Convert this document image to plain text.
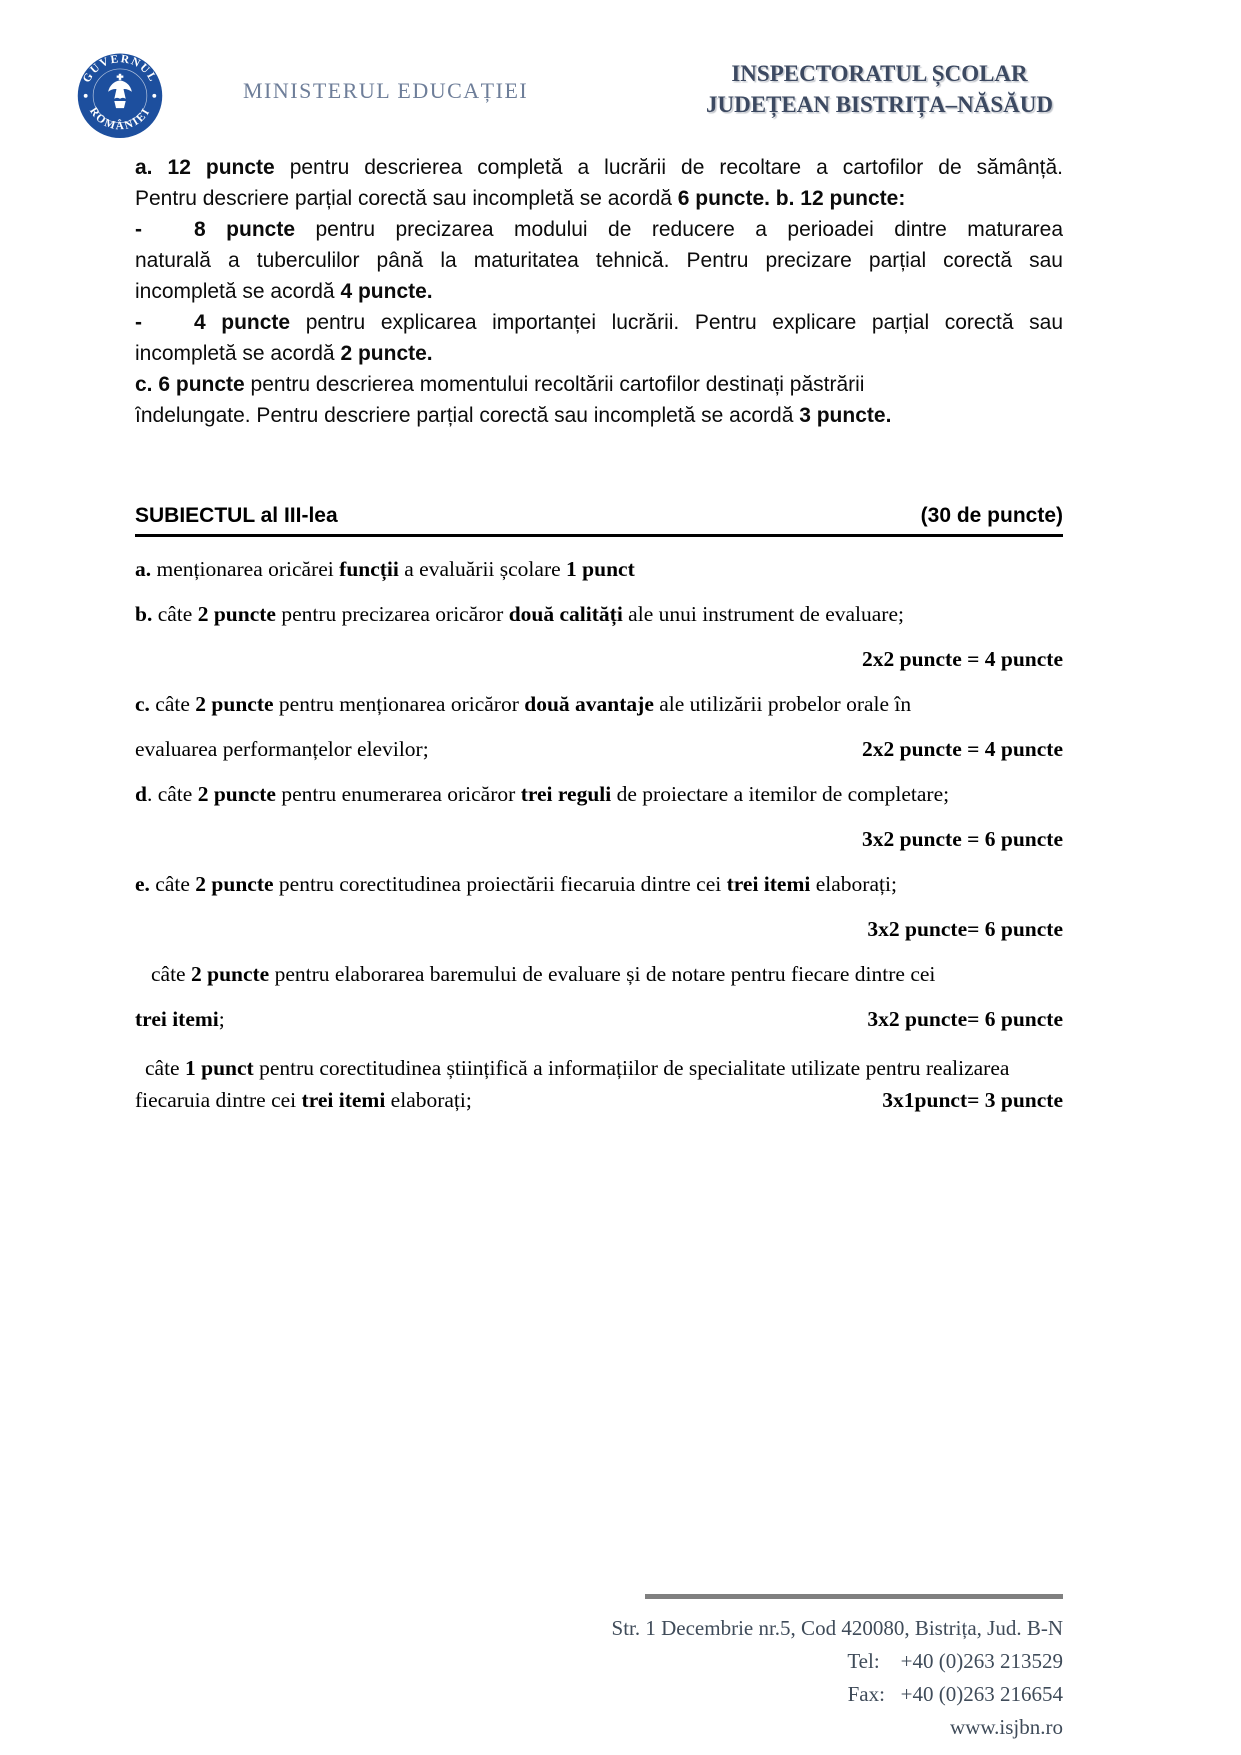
GUVERNUL
ROMÂNIEI
MINISTERUL EDUCAȚIEI
INSPECTORATUL ȘCOLAR
JUDEȚEAN BISTRIȚA–NĂSĂUD
a. 12 puncte pentru descrierea completă a lucrării de recoltare a cartofilor de sămânță.
Pentru descriere parțial corectă sau incompletă se acordă 6 puncte. b. 12 puncte:
- 8 puncte pentru precizarea modului de reducere a perioadei dintre maturarea
naturală a tuberculilor până la maturitatea tehnică. Pentru precizare parțial corectă sau
incompletă se acordă 4 puncte.
- 4 puncte pentru explicarea importanței lucrării. Pentru explicare parțial corectă sau
incompletă se acordă 2 puncte.
c. 6 puncte pentru descrierea momentului recoltării cartofilor destinați păstrării
îndelungate. Pentru descriere parțial corectă sau incompletă se acordă 3 puncte.
SUBIECTUL al III-lea	(30 de puncte)
a. menționarea oricărei funcții a evaluării școlare 1 punct
b. câte 2 puncte pentru precizarea oricăror două calități ale unui instrument de evaluare;
2x2 puncte = 4 puncte
c. câte 2 puncte pentru menționarea oricăror două avantaje ale utilizării probelor orale în
evaluarea performanțelor elevilor;	2x2 puncte = 4 puncte
d. câte 2 puncte pentru enumerarea oricăror trei reguli de proiectare a itemilor de completare;
3x2 puncte = 6 puncte
e. câte 2 puncte pentru corectitudinea proiectării fiecaruia dintre cei trei itemi elaborați;
3x2 puncte= 6 puncte
câte 2 puncte pentru elaborarea baremului de evaluare și de notare pentru fiecare dintre cei
trei itemi;	3x2 puncte= 6 puncte
câte 1 punct pentru corectitudinea științifică a informațiilor de specialitate utilizate pentru realizarea
fiecaruia dintre cei trei itemi elaborați;	3x1punct= 3 puncte
Str. 1 Decembrie nr.5, Cod 420080, Bistrița, Jud. B-N
Tel:    +40 (0)263 213529
Fax:   +40 (0)263 216654
www.isjbn.ro
